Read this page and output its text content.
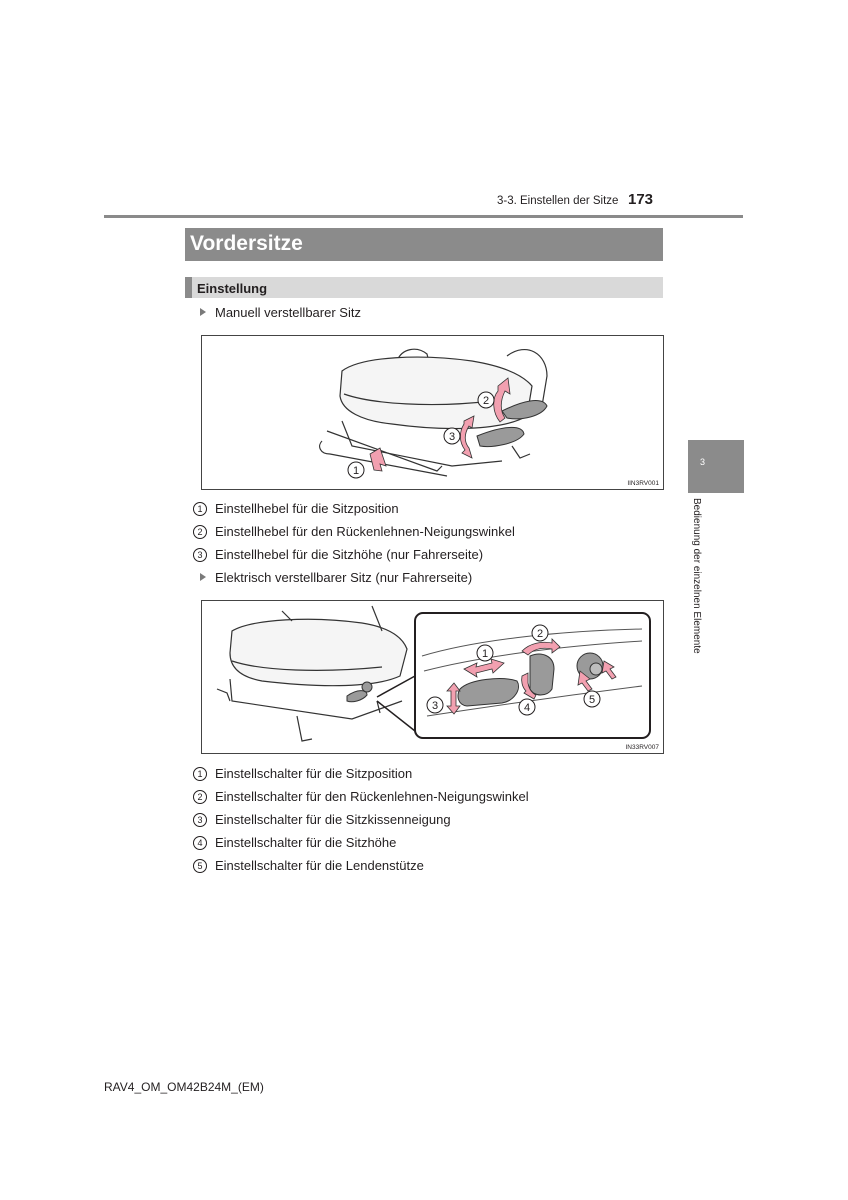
3-3. Einstellen der Sitze 173
Vordersitze
Einstellung
Manuell verstellbarer Sitz
2
3
1
IIN3RV001
1 Einstellhebel für die Sitzposition
2 Einstellhebel für den Rückenlehnen-Neigungswinkel
3 Einstellhebel für die Sitzhöhe (nur Fahrerseite)
Elektrisch verstellbarer Sitz (nur Fahrerseite)
1
2
3	4
5
IN33RV007
1 Einstellschalter für die Sitzposition
2 Einstellschalter für den Rückenlehnen-Neigungswinkel
3 Einstellschalter für die Sitzkissenneigung
4 Einstellschalter für die Sitzhöhe
5 Einstellschalter für die Lendenstütze
3
Bedienung der einzelnen Elemente
RAV4_OM_OM42B24M_(EM)
